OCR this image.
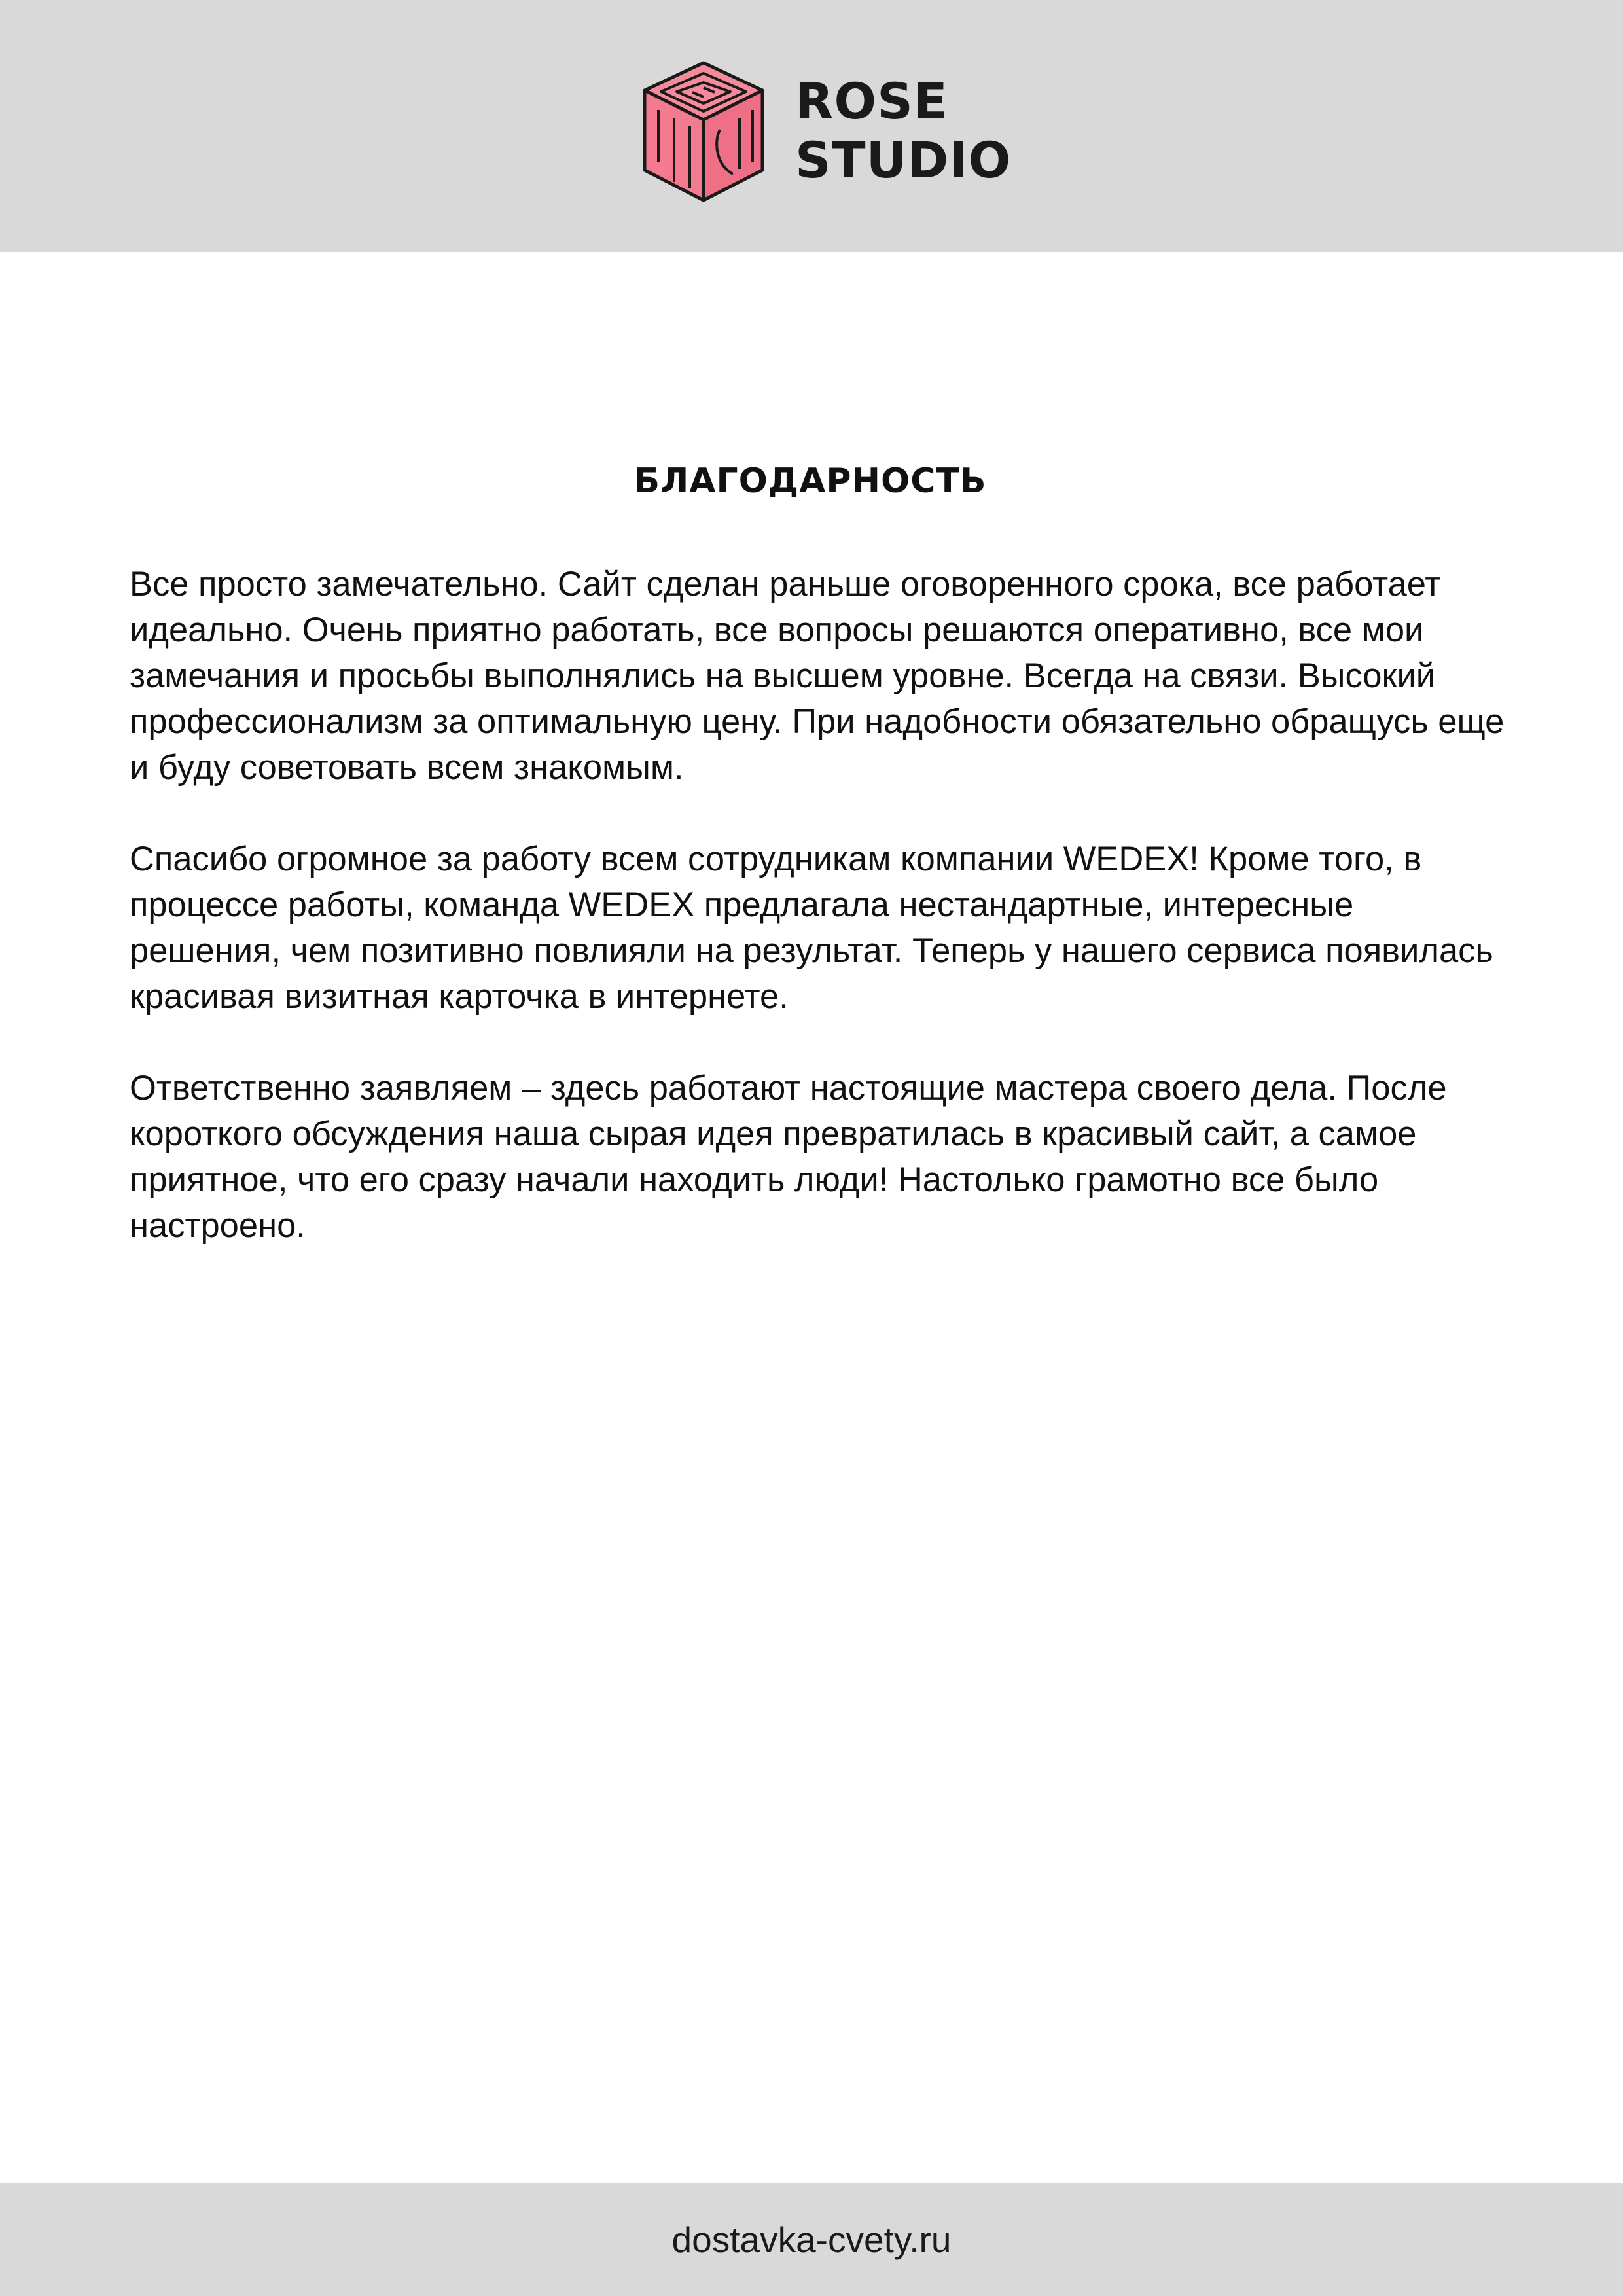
ROSE
STUDIO
БЛАГОДАРНОСТЬ

Все просто замечательно. Сайт сделан раньше оговоренного срока, все работает идеально. Очень приятно работать, все вопросы решаются оперативно, все мои замечания и просьбы выполнялись на высшем уровне. Всегда на связи. Высокий профессионализм за оптимальную цену. При надобности обязательно обращусь еще и буду советовать всем знакомым.

Спасибо огромное за работу всем сотрудникам компании WEDEX! Кроме того, в процессе работы, команда WEDEX предлагала нестандартные, интересные решения, чем позитивно повлияли на результат. Теперь у нашего сервиса появилась красивая визитная карточка в интернете.

Ответственно заявляем – здесь работают настоящие мастера своего дела. После короткого обсуждения наша сырая идея превратилась в красивый сайт, а самое приятное, что его сразу начали находить люди! Настолько грамотно все было настроено.

dostavka-cvety.ru
